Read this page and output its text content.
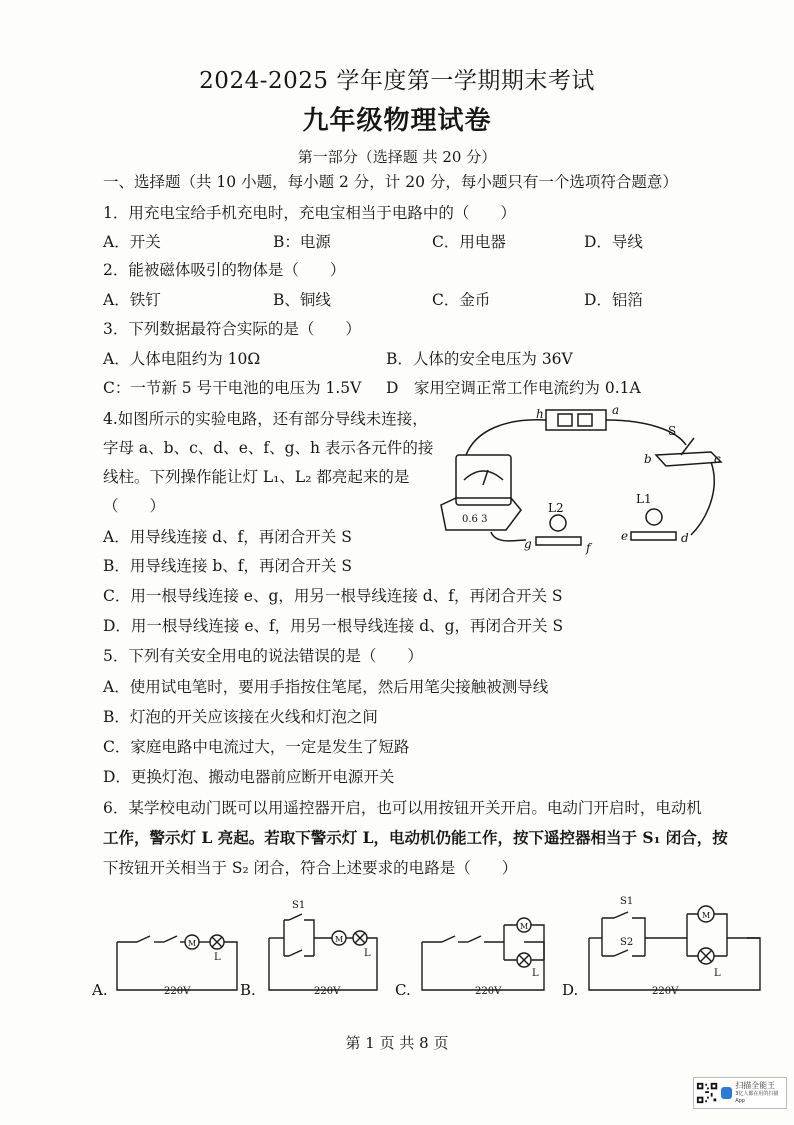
2024-2025 学年度第一学期期末考试
九年级物理试卷
第一部分（选择题 共 20 分）
一、选择题（共 10 小题，每小题 2 分，计 20 分，每小题只有一个选项符合题意）
1．用充电宝给手机充电时，充电宝相当于电路中的（　　）
A．开关	B：电源	C．用电器	D．导线
2．能被磁体吸引的物体是（　　）
A．铁钉	B、铜线	C．金币	D．铝箔
3．下列数据最符合实际的是（　　）
A．人体电阻约为 10Ω	B．人体的安全电压为 36V
C：一节新 5 号干电池的电压为 1.5V D　家用空调正常工作电流约为 0.1A
4.如图所示的实验电路，还有部分导线未连接，
字母 a、b、c、d、e、f、g、h 表示各元件的接
线柱。下列操作能让灯 L₁、L₂ 都亮起来的是
（　　）
a
h
S
b	c
L2
L1
g	f
e	d
0.6 3
A．用导线连接 d、f，再闭合开关 S
B．用导线连接 b、f，再闭合开关 S
C．用一根导线连接 e、g，用另一根导线连接 d、f，再闭合开关 S
D．用一根导线连接 e、f，用另一根导线连接 d、g，再闭合开关 S
5．下列有关安全用电的说法错误的是（　　）
A．使用试电笔时，要用手指按住笔尾，然后用笔尖接触被测导线
B．灯泡的开关应该接在火线和灯泡之间
C．家庭电路中电流过大，一定是发生了短路
D．更换灯泡、搬动电器前应断开电源开关
6．某学校电动门既可以用遥控器开启，也可以用按钮开关开启。电动门开启时，电动机
工作，警示灯 L 亮起。若取下警示灯 L，电动机仍能工作，按下遥控器相当于 S₁ 闭合，按
下按钮开关相当于 S₂ 闭合，符合上述要求的电路是（　　）
A.	B.	C.	D.
220V
M
L
220V
S1
M
L
220V
M
L
220V
S1
S2
M
L
第 1 页 共 8 页
扫描全能王
3亿人都在用的扫描App
